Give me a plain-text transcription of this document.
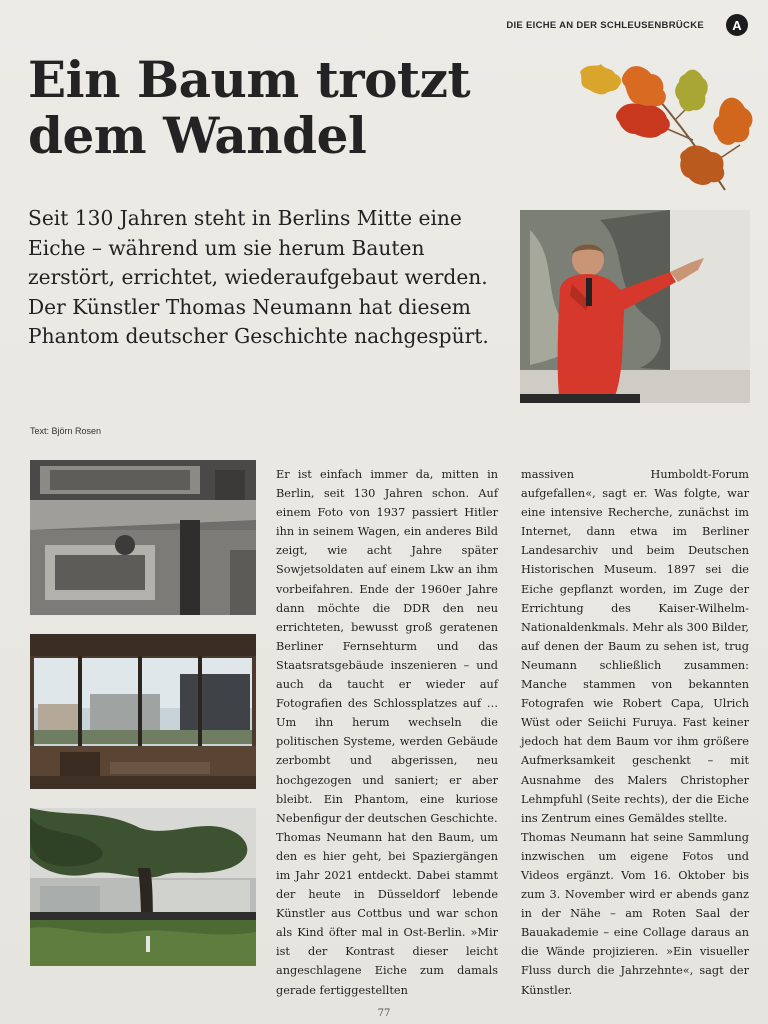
DIE EICHE AN DER SCHLEUSENBRÜCKE	A
Ein Baum trotzt dem Wandel

Seit 130 Jahren steht in Berlins Mitte eine Eiche – während um sie herum Bauten zerstört, errichtet, wiederaufgebaut werden. Der Künstler Thomas Neumann hat diesem Phantom deutscher Geschichte nachgespürt.

Text: Björn Rosen

Er ist einfach immer da, mitten in Berlin, seit 130 Jahren schon. Auf einem Foto von 1937 passiert Hitler ihn in seinem Wagen, ein anderes Bild zeigt, wie acht Jahre später Sowjetsoldaten auf einem Lkw an ihm vorbeifahren. Ende der 1960er Jahre dann möchte die DDR den neu errichteten, bewusst groß geratenen Berliner Fernsehturm und das Staatsratsgebäude inszenieren – und auch da taucht er wieder auf Fotografien des Schlossplatzes auf … Um ihn herum wechseln die politischen Systeme, werden Gebäude zerbombt und abgerissen, neu hochgezogen und saniert; er aber bleibt. Ein Phantom, eine kuriose Nebenfigur der deutschen Geschichte.

Thomas Neumann hat den Baum, um den es hier geht, bei Spaziergängen im Jahr 2021 entdeckt. Dabei stammt der heute in Düsseldorf lebende Künstler aus Cottbus und war schon als Kind öfter mal in Ost-Berlin. »Mir ist der Kontrast dieser leicht angeschlagene Eiche zum damals gerade fertiggestellten

massiven Humboldt-Forum aufgefallen«, sagt er. Was folgte, war eine intensive Recherche, zunächst im Internet, dann etwa im Berliner Landesarchiv und beim Deutschen Historischen Museum. 1897 sei die Eiche gepflanzt worden, im Zuge der Errichtung des Kaiser-Wilhelm-Nationaldenkmals. Mehr als 300 Bilder, auf denen der Baum zu sehen ist, trug Neumann schließlich zusammen: Manche stammen von bekannten Fotografen wie Robert Capa, Ulrich Wüst oder Seiichi Furuya. Fast keiner jedoch hat dem Baum vor ihm größere Aufmerksamkeit geschenkt – mit Ausnahme des Malers Christopher Lehmpfuhl (Seite rechts), der die Eiche ins Zentrum eines Gemäldes stellte.

Thomas Neumann hat seine Sammlung inzwischen um eigene Fotos und Videos ergänzt. Vom 16. Oktober bis zum 3. November wird er abends ganz in der Nähe – am Roten Saal der Bauakademie – eine Collage daraus an die Wände projizieren. »Ein visueller Fluss durch die Jahrzehnte«, sagt der Künstler.

77
